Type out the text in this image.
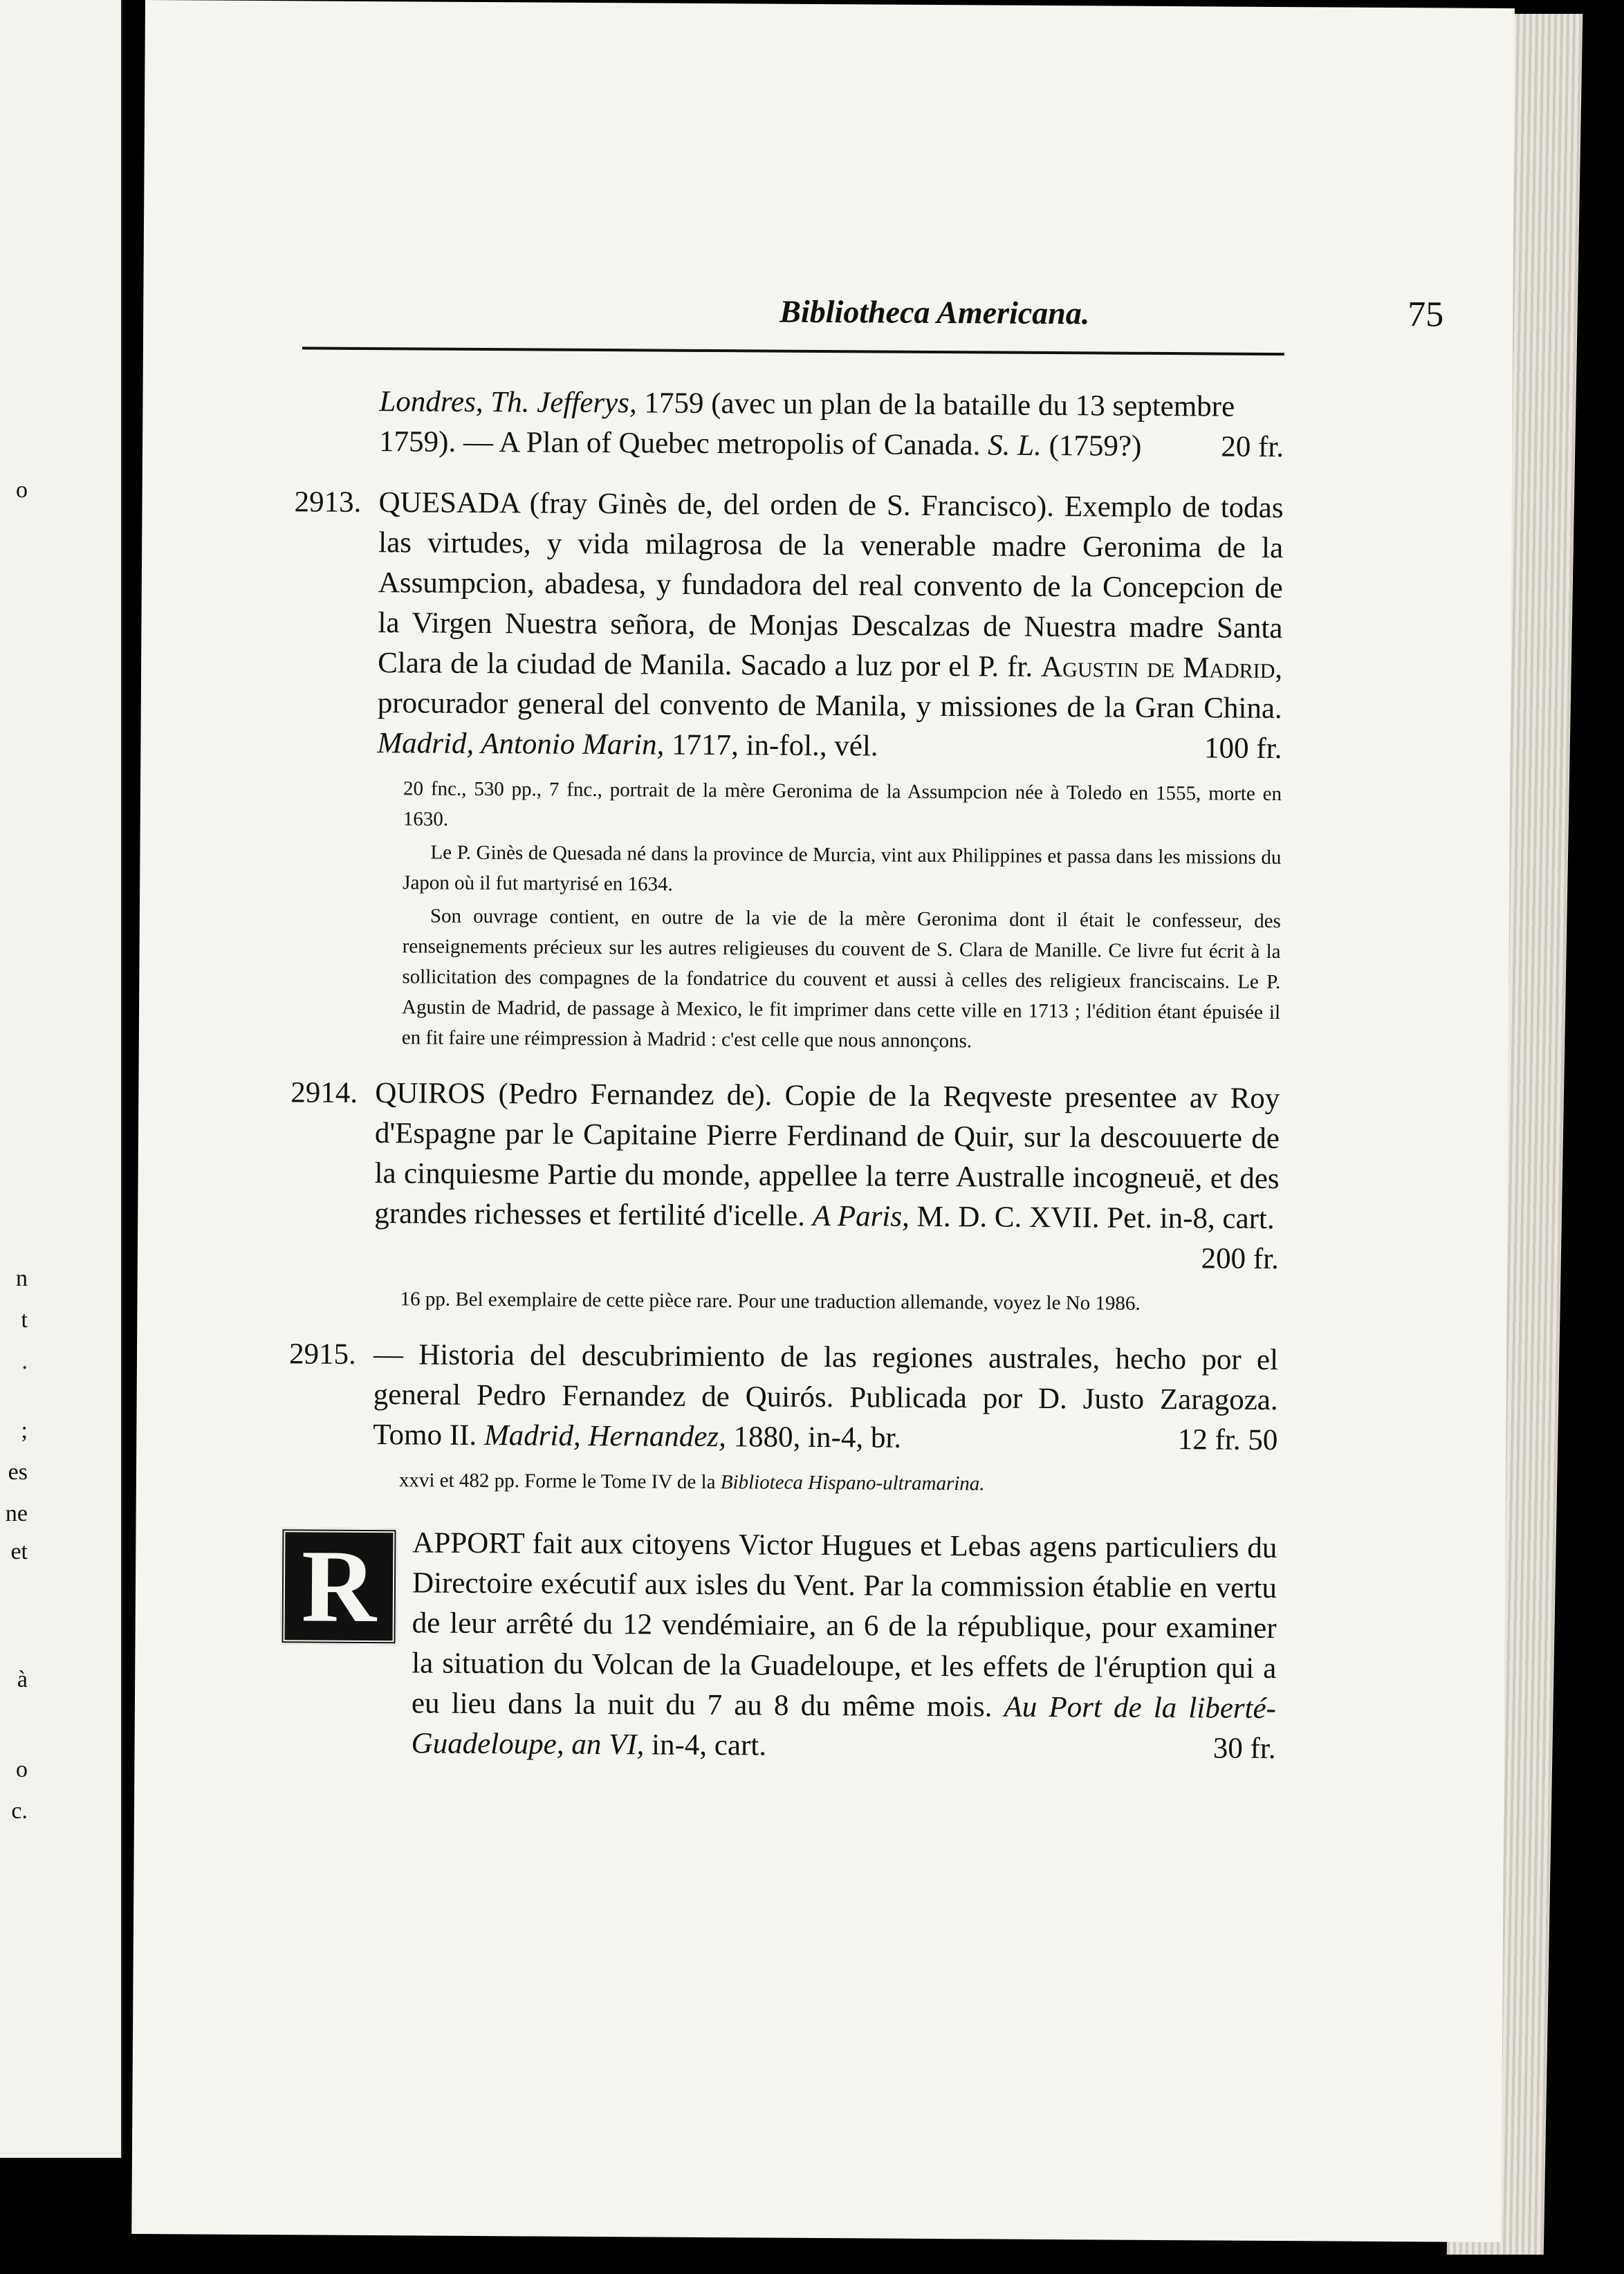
o
n
t
.
;
es
ne
et
à
o
c.
Bibliotheca Americana.	75

Londres, Th. Jefferys, 1759 (avec un plan de la bataille du 13 septembre 1759). — A Plan of Quebec metropolis of Canada. S. L. (1759?)	20 fr.

2913. QUESADA (fray Ginès de, del orden de S. Francisco). Exemplo de todas las virtudes, y vida milagrosa de la venerable madre Geronima de la Assumpcion, abadesa, y fundadora del real convento de la Concepcion de la Virgen Nuestra señora, de Monjas Descalzas de Nuestra madre Santa Clara de la ciudad de Manila. Sacado a luz por el P. fr. Agustin de Madrid, procurador general del convento de Manila, y missiones de la Gran China. Madrid, Antonio Marin, 1717, in-fol., vél.	100 fr.

20 fnc., 530 pp., 7 fnc., portrait de la mère Geronima de la Assumpcion née à Toledo en 1555, morte en 1630.

Le P. Ginès de Quesada né dans la province de Murcia, vint aux Philippines et passa dans les missions du Japon où il fut martyrisé en 1634.

Son ouvrage contient, en outre de la vie de la mère Geronima dont il était le confesseur, des renseignements précieux sur les autres religieuses du couvent de S. Clara de Manille. Ce livre fut écrit à la sollicitation des compagnes de la fondatrice du couvent et aussi à celles des religieux franciscains. Le P. Agustin de Madrid, de passage à Mexico, le fit imprimer dans cette ville en 1713 ; l'édition étant épuisée il en fit faire une réimpression à Madrid : c'est celle que nous annonçons.

2914. QUIROS (Pedro Fernandez de). Copie de la Reqveste presentee av Roy d'Espagne par le Capitaine Pierre Ferdinand de Quir, sur la descouuerte de la cinquiesme Partie du monde, appellee la terre Australle incogneuë, et des grandes richesses et fertilité d'icelle. A Paris, M. D. C. XVII. Pet. in-8, cart.
200 fr.

16 pp. Bel exemplaire de cette pièce rare. Pour une traduction allemande, voyez le No 1986.

2915. — Historia del descubrimiento de las regiones australes, hecho por el general Pedro Fernandez de Quirós. Publicada por D. Justo Zaragoza. Tomo II. Madrid, Hernandez, 1880, in-4, br.	12 fr. 50

xxvi et 482 pp. Forme le Tome IV de la Biblioteca Hispano-ultramarina.

R	APPORT fait aux citoyens Victor Hugues et Lebas agens particuliers du Directoire exécutif aux isles du Vent. Par la commission établie en vertu de leur arrêté du 12 vendémiaire, an 6 de la république, pour examiner la situation du Volcan de la Guadeloupe, et les effets de l'éruption qui a eu lieu dans la nuit du 7 au 8 du même mois. Au Port de la liberté-Guadeloupe, an VI, in-4, cart.	30 fr.
